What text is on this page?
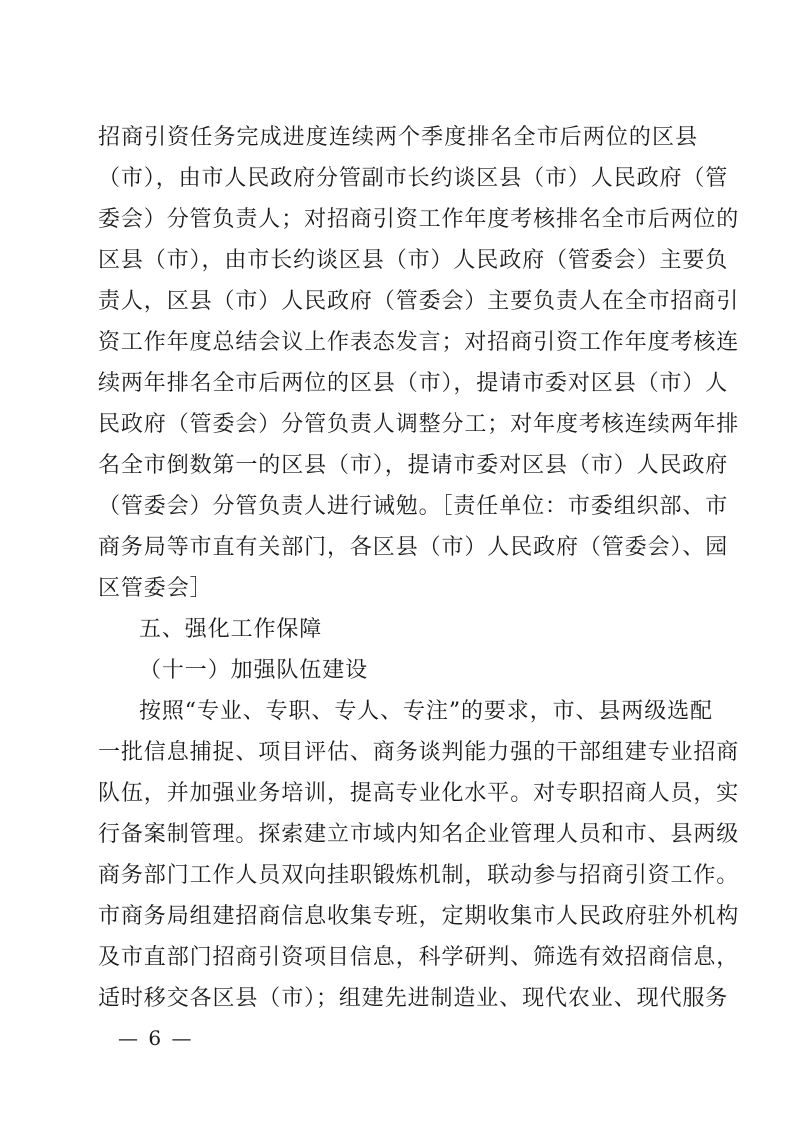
招商引资任务完成进度连续两个季度排名全市后两位的区县
（市），由市人民政府分管副市长约谈区县（市）人民政府（管
委会）分管负责人；对招商引资工作年度考核排名全市后两位的
区县（市），由市长约谈区县（市）人民政府（管委会）主要负
责人，区县（市）人民政府（管委会）主要负责人在全市招商引
资工作年度总结会议上作表态发言；对招商引资工作年度考核连
续两年排名全市后两位的区县（市），提请市委对区县（市）人
民政府（管委会）分管负责人调整分工；对年度考核连续两年排
名全市倒数第一的区县（市），提请市委对区县（市）人民政府
（管委会）分管负责人进行诫勉。［责任单位：市委组织部、市
商务局等市直有关部门，各区县（市）人民政府（管委会）、园
区管委会］
五、强化工作保障
（十一）加强队伍建设
按照“专业、专职、专人、专注”的要求，市、县两级选配
一批信息捕捉、项目评估、商务谈判能力强的干部组建专业招商
队伍，并加强业务培训，提高专业化水平。对专职招商人员，实
行备案制管理。探索建立市域内知名企业管理人员和市、县两级
商务部门工作人员双向挂职锻炼机制，联动参与招商引资工作。
市商务局组建招商信息收集专班，定期收集市人民政府驻外机构
及市直部门招商引资项目信息，科学研判、筛选有效招商信息，
适时移交各区县（市）；组建先进制造业、现代农业、现代服务
— 6 —
